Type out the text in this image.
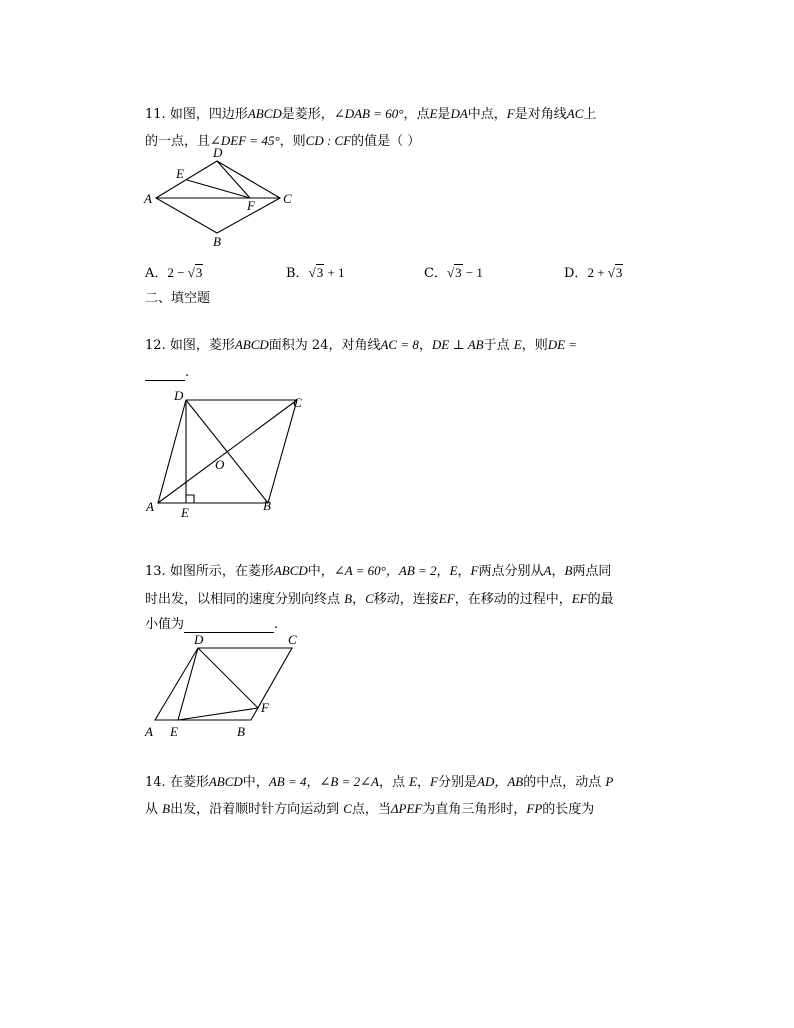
11. 如图，四边形ABCD是菱形，∠DAB = 60°，点E是DA中点，F是对角线AC上
的一点，且∠DEF = 45°，则CD : CF的值是（ ）
D
E
A	F C
B
A．2 − √3	B．√3 + 1	C．√3 − 1	D．2 + √3
二、填空题
12. 如图，菱形ABCD面积为 24，对角线AC = 8，DE ⊥ AB于点 E，则DE =
.
D	C
O
A E	B
13. 如图所示，在菱形ABCD中，∠A = 60°，AB = 2，E，F两点分别从A，B两点同
时出发，以相同的速度分别向终点 B，C移动，连接EF，在移动的过程中，EF的最
小值为	.
D	C
F
A E	B
14. 在菱形ABCD中，AB = 4，∠B = 2∠A，点 E，F分别是AD，AB的中点，动点 P
从 B出发，沿着顺时针方向运动到 C点，当ΔPEF为直角三角形时，FP的长度为
